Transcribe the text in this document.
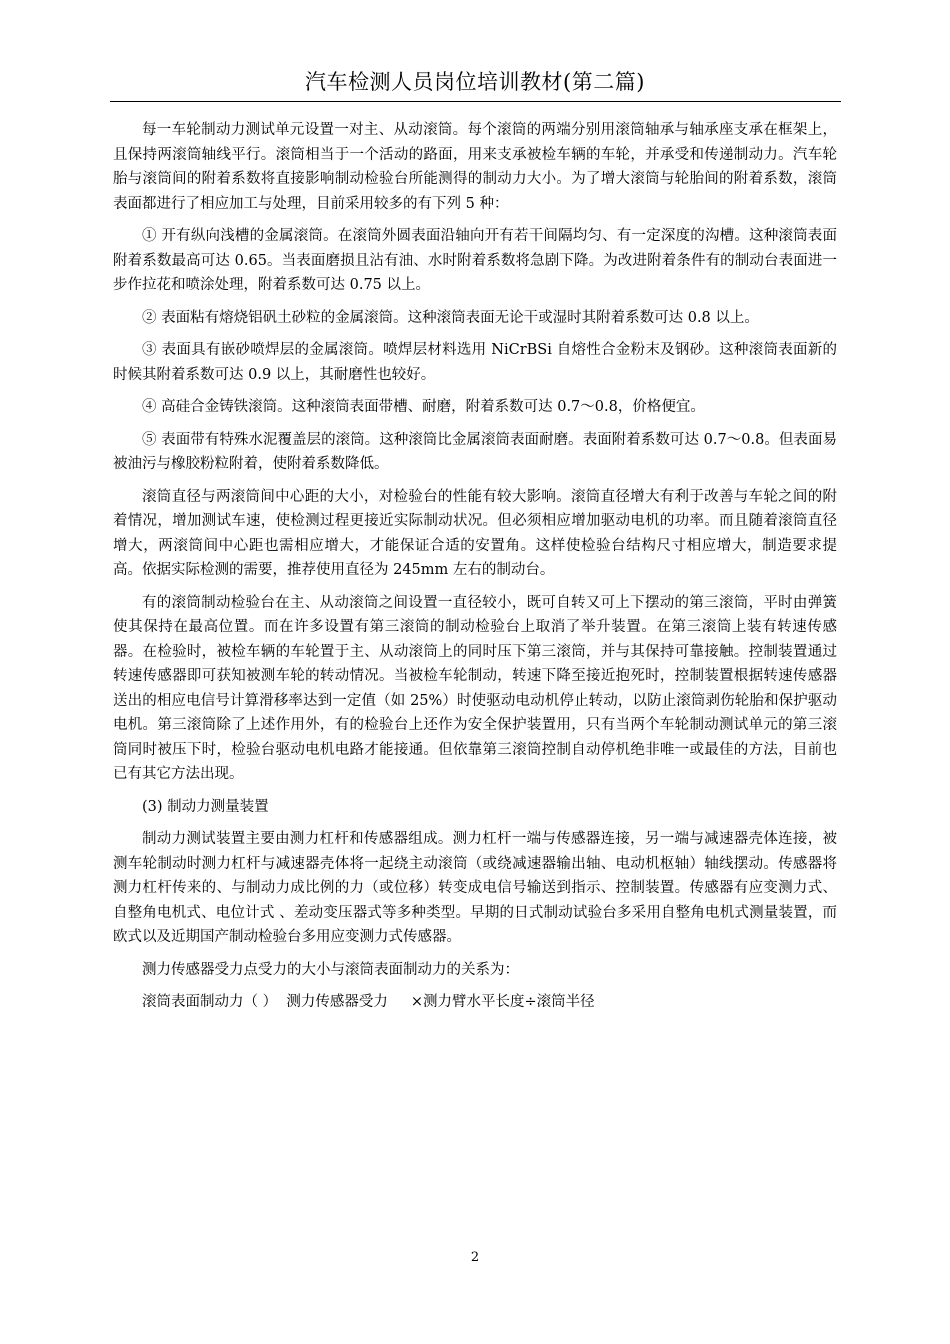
汽车检测人员岗位培训教材(第二篇)

每一车轮制动力测试单元设置一对主、从动滚筒。每个滚筒的两端分别用滚筒轴承与轴承座支承在框架上，且保持两滚筒轴线平行。滚筒相当于一个活动的路面，用来支承被检车辆的车轮，并承受和传递制动力。汽车轮胎与滚筒间的附着系数将直接影响制动检验台所能测得的制动力大小。为了增大滚筒与轮胎间的附着系数，滚筒表面都进行了相应加工与处理，目前采用较多的有下列 5 种：

① 开有纵向浅槽的金属滚筒。在滚筒外圆表面沿轴向开有若干间隔均匀、有一定深度的沟槽。这种滚筒表面附着系数最高可达 0.65。当表面磨损且沾有油、水时附着系数将急剧下降。为改进附着条件有的制动台表面进一步作拉花和喷涂处理，附着系数可达 0.75 以上。

② 表面粘有熔烧铝矾土砂粒的金属滚筒。这种滚筒表面无论干或湿时其附着系数可达 0.8 以上。

③ 表面具有嵌砂喷焊层的金属滚筒。喷焊层材料选用 NiCrBSi 自熔性合金粉末及钢砂。这种滚筒表面新的时候其附着系数可达 0.9 以上，其耐磨性也较好。

④ 高硅合金铸铁滚筒。这种滚筒表面带槽、耐磨，附着系数可达 0.7～0.8，价格便宜。

⑤ 表面带有特殊水泥覆盖层的滚筒。这种滚筒比金属滚筒表面耐磨。表面附着系数可达 0.7～0.8。但表面易被油污与橡胶粉粒附着，使附着系数降低。

滚筒直径与两滚筒间中心距的大小，对检验台的性能有较大影响。滚筒直径增大有利于改善与车轮之间的附着情况，增加测试车速，使检测过程更接近实际制动状况。但必须相应增加驱动电机的功率。而且随着滚筒直径增大，两滚筒间中心距也需相应增大，才能保证合适的安置角。这样使检验台结构尺寸相应增大，制造要求提高。依据实际检测的需要，推荐使用直径为 245mm 左右的制动台。

有的滚筒制动检验台在主、从动滚筒之间设置一直径较小，既可自转又可上下摆动的第三滚筒，平时由弹簧使其保持在最高位置。而在许多设置有第三滚筒的制动检验台上取消了举升装置。在第三滚筒上装有转速传感器。在检验时，被检车辆的车轮置于主、从动滚筒上的同时压下第三滚筒，并与其保持可靠接触。控制装置通过转速传感器即可获知被测车轮的转动情况。当被检车轮制动，转速下降至接近抱死时，控制装置根据转速传感器送出的相应电信号计算滑移率达到一定值（如 25%）时使驱动电动机停止转动，以防止滚筒剥伤轮胎和保护驱动电机。第三滚筒除了上述作用外，有的检验台上还作为安全保护装置用，只有当两个车轮制动测试单元的第三滚筒同时被压下时，检验台驱动电机电路才能接通。但依靠第三滚筒控制自动停机绝非唯一或最佳的方法，目前也已有其它方法出现。

(3) 制动力测量装置

制动力测试装置主要由测力杠杆和传感器组成。测力杠杆一端与传感器连接，另一端与减速器壳体连接，被测车轮制动时测力杠杆与减速器壳体将一起绕主动滚筒（或绕减速器输出轴、电动机枢轴）轴线摆动。传感器将测力杠杆传来的、与制动力成比例的力（或位移）转变成电信号输送到指示、控制装置。传感器有应变测力式、自整角电机式、电位计式 、差动变压器式等多种类型。早期的日式制动试验台多采用自整角电机式测量装置，而欧式以及近期国产制动检验台多用应变测力式传感器。

测力传感器受力点受力的大小与滚筒表面制动力的关系为：

滚筒表面制动力（ ）  测力传感器受力     ×测力臂水平长度÷滚筒半径

2
